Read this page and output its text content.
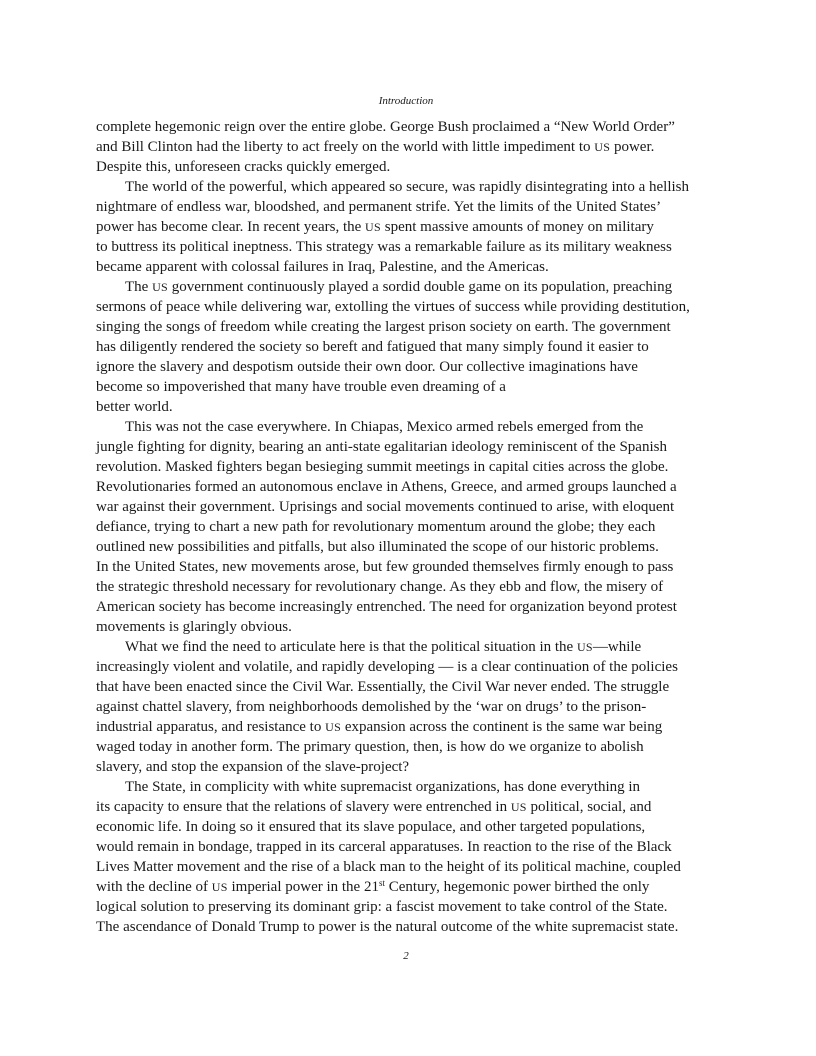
Introduction
complete hegemonic reign over the entire globe. George Bush proclaimed a “New World Order”
and Bill Clinton had the liberty to act freely on the world with little impediment to US power.
Despite this, unforeseen cracks quickly emerged.
The world of the powerful, which appeared so secure, was rapidly disintegrating into a hellish
nightmare of endless war, bloodshed, and permanent strife. Yet the limits of the United States’
power has become clear. In recent years, the US spent massive amounts of money on military
to buttress its political ineptness. This strategy was a remarkable failure as its military weakness
became apparent with colossal failures in Iraq, Palestine, and the Americas.
The US government continuously played a sordid double game on its population, preaching
sermons of peace while delivering war, extolling the virtues of success while providing destitution,
singing the songs of freedom while creating the largest prison society on earth. The government
has diligently rendered the society so bereft and fatigued that many simply found it easier to
ignore the slavery and despotism outside their own door. Our collective imaginations have
become so impoverished that many have trouble even dreaming of a
better world.
This was not the case everywhere. In Chiapas, Mexico armed rebels emerged from the
jungle fighting for dignity, bearing an anti-state egalitarian ideology reminiscent of the Spanish
revolution. Masked fighters began besieging summit meetings in capital cities across the globe.
Revolutionaries formed an autonomous enclave in Athens, Greece, and armed groups launched a
war against their government. Uprisings and social movements continued to arise, with eloquent
defiance, trying to chart a new path for revolutionary momentum around the globe; they each
outlined new possibilities and pitfalls, but also illuminated the scope of our historic problems.
In the United States, new movements arose, but few grounded themselves firmly enough to pass
the strategic threshold necessary for revolutionary change. As they ebb and flow, the misery of
American society has become increasingly entrenched. The need for organization beyond protest
movements is glaringly obvious.
What we find the need to articulate here is that the political situation in the US—while
increasingly violent and volatile, and rapidly developing — is a clear continuation of the policies
that have been enacted since the Civil War. Essentially, the Civil War never ended. The struggle
against chattel slavery, from neighborhoods demolished by the ‘war on drugs’ to the prison-
industrial apparatus, and resistance to US expansion across the continent is the same war being
waged today in another form. The primary question, then, is how do we organize to abolish
slavery, and stop the expansion of the slave-project?
The State, in complicity with white supremacist organizations, has done everything in
its capacity to ensure that the relations of slavery were entrenched in US political, social, and
economic life. In doing so it ensured that its slave populace, and other targeted populations,
would remain in bondage, trapped in its carceral apparatuses. In reaction to the rise of the Black
Lives Matter movement and the rise of a black man to the height of its political machine, coupled
with the decline of US imperial power in the 21st Century, hegemonic power birthed the only
logical solution to preserving its dominant grip: a fascist movement to take control of the State.
The ascendance of Donald Trump to power is the natural outcome of the white supremacist state.
2
